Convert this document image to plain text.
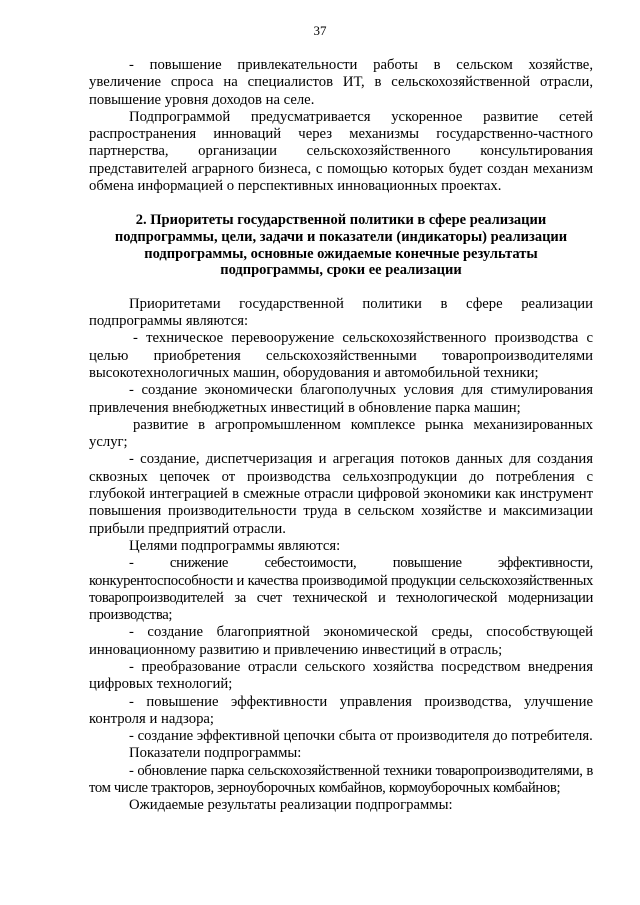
37

- повышение привлекательности работы в сельском хозяйстве, увеличение спроса на специалистов ИТ, в сельскохозяйственной отрасли, повышение уровня доходов на селе.

Подпрограммой предусматривается ускоренное развитие сетей распространения инноваций через механизмы государственно-частного партнерства, организации сельскохозяйственного консультирования представителей аграрного бизнеса, с помощью которых будет создан механизм обмена информацией о перспективных инновационных проектах.

2. Приоритеты государственной политики в сфере реализации
подпрограммы, цели, задачи и показатели (индикаторы) реализации
подпрограммы, основные ожидаемые конечные результаты
подпрограммы, сроки ее реализации

Приоритетами государственной политики в сфере реализации подпрограммы являются:

- техническое перевооружение сельскохозяйственного производства с целью приобретения сельскохозяйственными товаропроизводителями высокотехнологичных машин, оборудования и автомобильной техники;

- создание экономически благополучных условия для стимулирования привлечения внебюджетных инвестиций в обновление парка машин;

развитие в агропромышленном комплексе рынка механизированных услуг;

- создание, диспетчеризация и агрегация потоков данных для создания сквозных цепочек от производства сельхозпродукции до потребления с глубокой интеграцией в смежные отрасли цифровой экономики как инструмент повышения производительности труда в сельском хозяйстве и максимизации прибыли предприятий отрасли.

Целями подпрограммы являются:

- снижение себестоимости, повышение эффективности, конкурентоспособности и качества производимой продукции сельскохозяйственных товаропроизводителей за счет технической и технологической модернизации производства;

- создание благоприятной экономической среды, способствующей инновационному развитию и привлечению инвестиций в отрасль;

- преобразование отрасли сельского хозяйства посредством внедрения цифровых технологий;

- повышение эффективности управления производства, улучшение контроля и надзора;

- создание эффективной цепочки сбыта от производителя до потребителя.

Показатели подпрограммы:

- обновление парка сельскохозяйственной техники товаропроизводителями, в том числе тракторов, зерноуборочных комбайнов, кормоуборочных комбайнов;

Ожидаемые результаты реализации подпрограммы:
